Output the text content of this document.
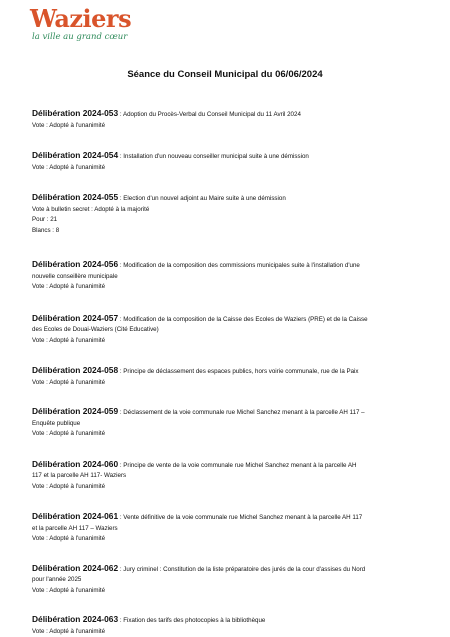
Waziers
la ville au grand cœur
Séance du Conseil Municipal du 06/06/2024
Délibération 2024-053 : Adoption du Procès-Verbal du Conseil Municipal du 11 Avril 2024
Vote : Adopté à l'unanimité
Délibération 2024-054 : Installation d'un nouveau conseiller municipal suite à une démission
Vote : Adopté à l'unanimité
Délibération 2024-055 : Election d'un nouvel adjoint au Maire suite à une démission
Vote à bulletin secret : Adopté à la majorité
Pour : 21
Blancs : 8
Délibération 2024-056 : Modification de la composition des commissions municipales suite à l'installation d'une
nouvelle conseillère municipale
Vote : Adopté à l'unanimité
Délibération 2024-057 : Modification de la composition de la Caisse des Ecoles de Waziers (PRE) et de la Caisse
des Ecoles de Douai-Waziers (Cité Educative)
Vote : Adopté à l'unanimité
Délibération 2024-058 : Principe de déclassement des espaces publics, hors voirie communale, rue de la Paix
Vote : Adopté à l'unanimité
Délibération 2024-059 : Déclassement de la voie communale rue Michel Sanchez menant à la parcelle AH 117 –
Enquête publique
Vote : Adopté à l'unanimité
Délibération 2024-060 : Principe de vente de la voie communale rue Michel Sanchez menant à la parcelle AH
117 et la parcelle AH 117- Waziers
Vote : Adopté à l'unanimité
Délibération 2024-061 : Vente définitive de la voie communale rue Michel Sanchez menant à la parcelle AH 117
et la parcelle AH 117 – Waziers
Vote : Adopté à l'unanimité
Délibération 2024-062 : Jury criminel : Constitution de la liste préparatoire des jurés de la cour d'assises du Nord
pour l'année 2025
Vote : Adopté à l'unanimité
Délibération 2024-063 : Fixation des tarifs des photocopies à la bibliothèque
Vote : Adopté à l'unanimité
